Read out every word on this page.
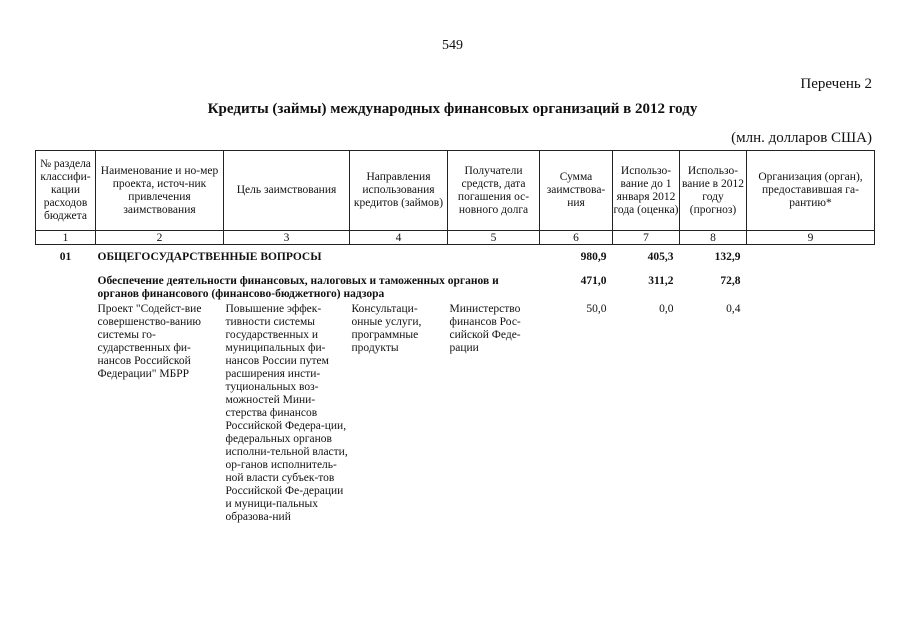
549
Перечень 2
Кредиты (займы) международных финансовых организаций в 2012 году
(млн. долларов США)
№ раздела классифи-кации расходов бюджета	Наименование и но-мер проекта, источ-ник привлечения заимствования	Цель заимствования	Направления использования кредитов (займов)	Получатели средств, дата погашения ос-новного долга	Сумма заимствова-ния	Использо-вание до 1 января 2012 года (оценка)	Использо-вание в 2012 году (прогноз)	Организация (орган), предоставившая га-рантию*
1	2	3	4	5	6	7	8	9
01	ОБЩЕГОСУДАРСТВЕННЫЕ ВОПРОСЫ				980,9	405,3	132,9	
	Обеспечение деятельности финансовых, налоговых и таможенных органов и органов финансового (финансово-бюджетного) надзора				471,0	311,2	72,8	
	Проект "Содейст-вие совершенство-ванию системы го-сударственных фи-нансов Российской Федерации" МБРР	Повышение эффек-тивности системы государственных и муниципальных фи-нансов России путем расширения инсти-туциональных воз-можностей Мини-стерства финансов Российской Федера-ции, федеральных органов исполни-тельной власти, ор-ганов исполнитель-ной власти субъек-тов Российской Фе-дерации и муници-пальных образова-ний	Консультаци-онные услуги, программные продукты	Министерство финансов Рос-сийской Феде-рации	50,0	0,0	0,4	
